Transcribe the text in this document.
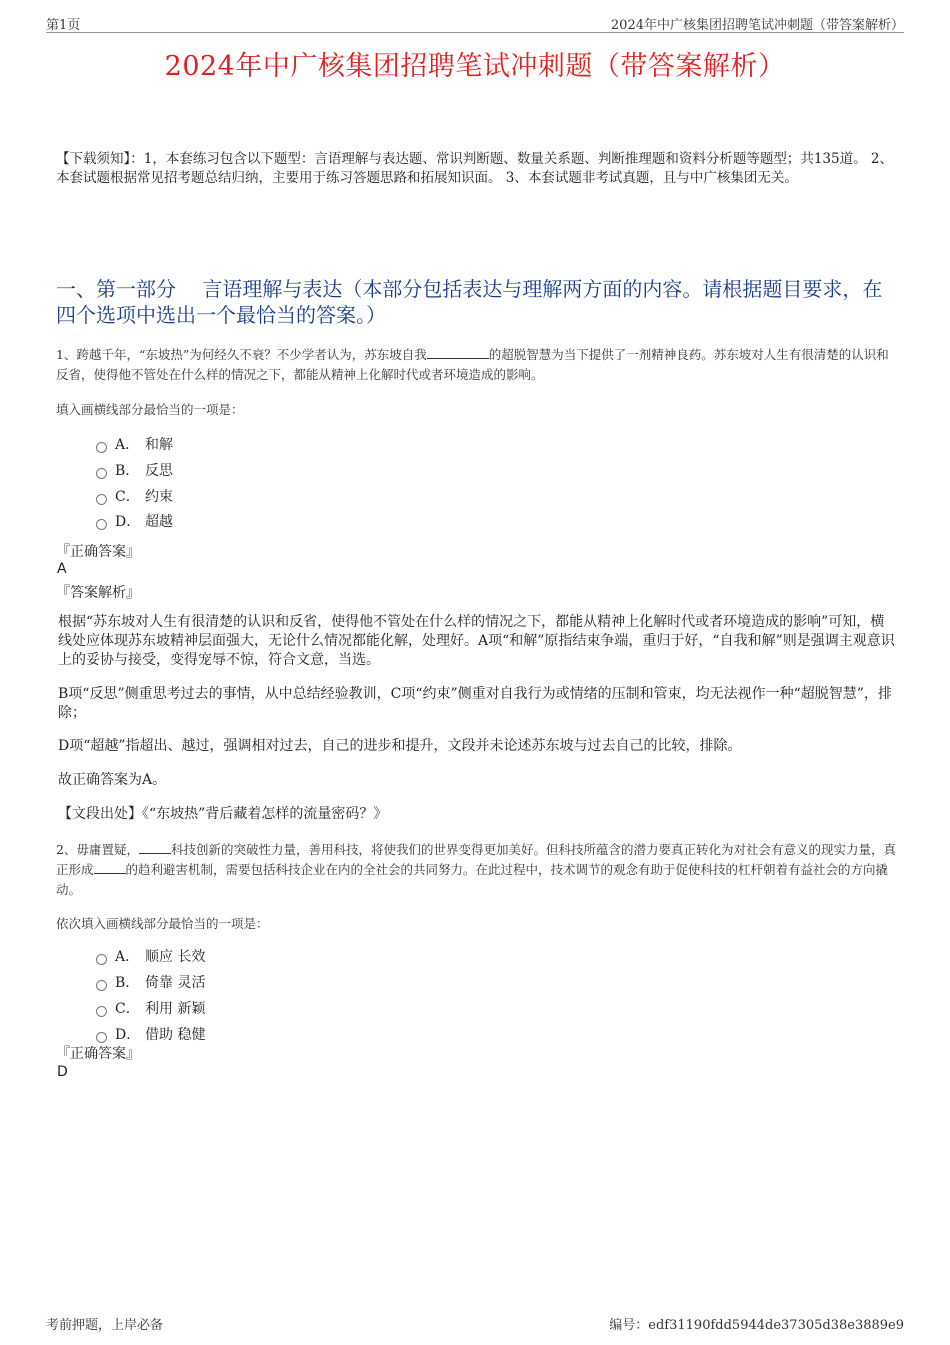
第1页	2024年中广核集团招聘笔试冲刺题（带答案解析）
2024年中广核集团招聘笔试冲刺题（带答案解析）
【下载须知】：1，本套练习包含以下题型：言语理解与表达题、常识判断题、数量关系题、判断推理题和资料分析题等题型；共135道。 2、本套试题根据常见招考题总结归纳，主要用于练习答题思路和拓展知识面。 3、本套试题非考试真题，且与中广核集团无关。
一、第一部分　 言语理解与表达（本部分包括表达与理解两方面的内容。请根据题目要求，在四个选项中选出一个最恰当的答案。）
1、跨越千年，“东坡热”为何经久不衰？不少学者认为，苏东坡自我	的超脱智慧为当下提供了一剂精神良药。苏东坡对人生有很清楚的认识和反省，使得他不管处在什么样的情况之下，都能从精神上化解时代或者环境造成的影响。
填入画横线部分最恰当的一项是：
A． 和解
B． 反思
C． 约束
D． 超越
『正确答案』
A
『答案解析』
根据“苏东坡对人生有很清楚的认识和反省，使得他不管处在什么样的情况之下，都能从精神上化解时代或者环境造成的影响”可知，横线处应体现苏东坡精神层面强大，无论什么情况都能化解，处理好。A项“和解”原指结束争端，重归于好，“自我和解”则是强调主观意识上的妥协与接受，变得宠辱不惊，符合文意，当选。
B项“反思”侧重思考过去的事情，从中总结经验教训，C项“约束”侧重对自我行为或情绪的压制和管束，均无法视作一种“超脱智慧”，排除；
D项“超越”指超出、越过，强调相对过去，自己的进步和提升，文段并未论述苏东坡与过去自己的比较，排除。
故正确答案为A。
【文段出处】《“东坡热”背后藏着怎样的流量密码？》
2、毋庸置疑，	科技创新的突破性力量，善用科技，将使我们的世界变得更加美好。但科技所蕴含的潜力要真正转化为对社会有意义的现实力量，真正形成	的趋利避害机制，需要包括科技企业在内的全社会的共同努力。在此过程中，技术调节的观念有助于促使科技的杠杆朝着有益社会的方向撬动。
依次填入画横线部分最恰当的一项是：
A． 顺应 长效
B． 倚靠 灵活
C． 利用 新颖
D． 借助 稳健
『正确答案』
D
考前押题，上岸必备	编号：edf31190fdd5944de37305d38e3889e9
